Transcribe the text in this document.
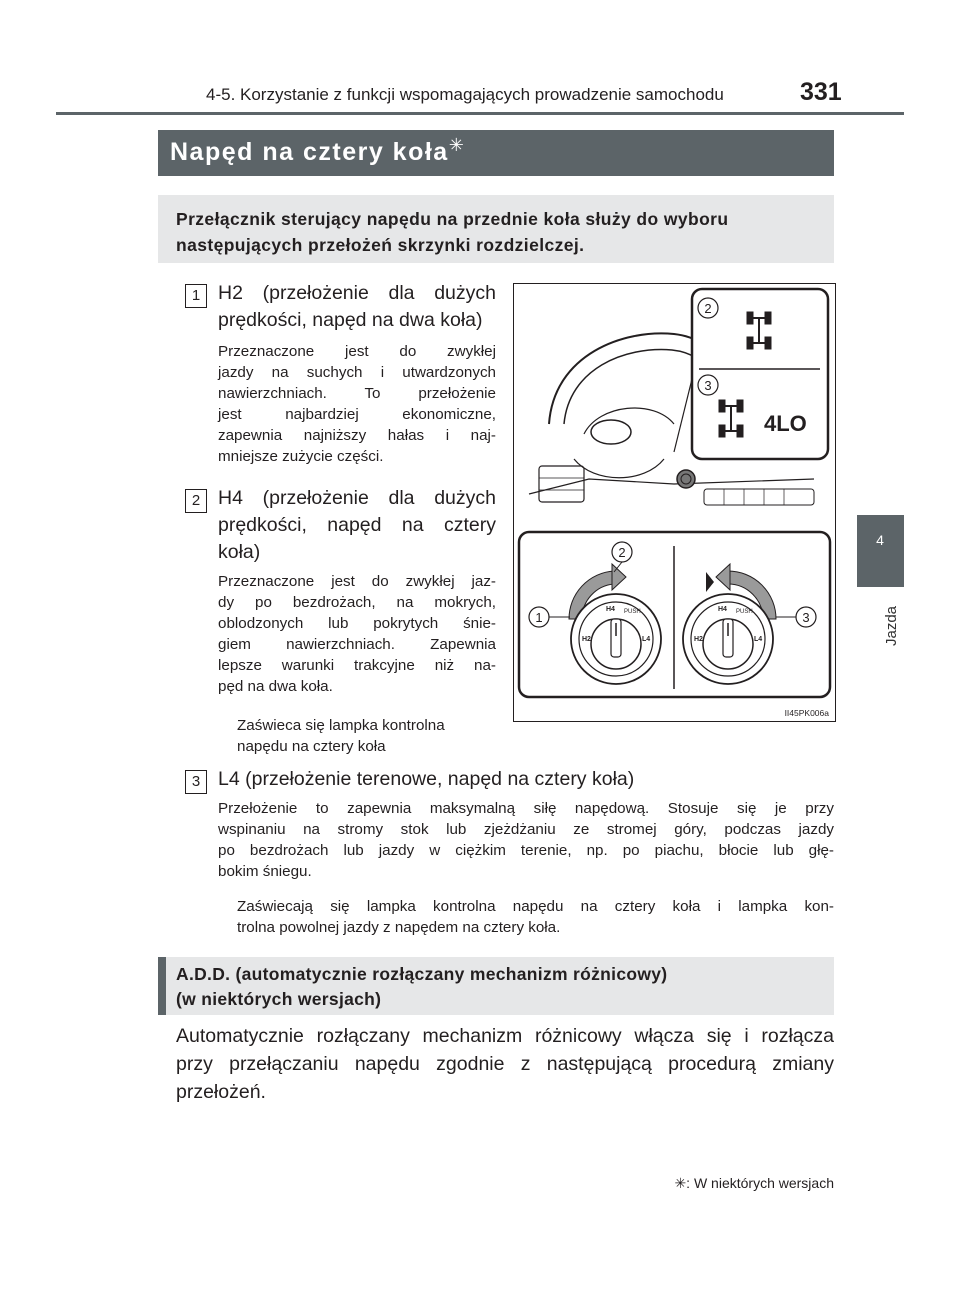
4-5. Korzystanie z funkcji wspomagających prowadzenie samochodu	331
4
Jazda
Napęd na cztery koła✳
Przełącznik sterujący napędu na przednie koła służy do wyboru następujących przełożeń skrzynki rozdzielczej.
1 H2 (przełożenie dla dużych
prędkości, napęd na dwa koła)
Przeznaczone jest do zwykłej
jazdy na suchych i utwardzonych
nawierzchniach. To przełożenie
jest najbardziej ekonomiczne,
zapewnia najniższy hałas i naj-
mniejsze zużycie części.
2 H4 (przełożenie dla dużych
prędkości, napęd na cztery
koła)
Przeznaczone jest do zwykłej jaz-
dy po bezdrożach, na mokrych,
oblodzonych lub pokrytych śnie-
giem nawierzchniach. Zapewnia
lepsze warunki trakcyjne niż na-
pęd na dwa koła.
Zaświeca się lampka kontrolna
napędu na cztery koła
2
3
4LO
H4 PUSH
H2	L4
H4 PUSH
H2	L4
2
1	3
II45PK006a
3 L4 (przełożenie terenowe, napęd na cztery koła)
Przełożenie to zapewnia maksymalną siłę napędową. Stosuje się je przy
wspinaniu na stromy stok lub zjeżdżaniu ze stromej góry, podczas jazdy
po bezdrożach lub jazdy w ciężkim terenie, np. po piachu, błocie lub głę-
bokim śniegu.
Zaświecają się lampka kontrolna napędu na cztery koła i lampka kon-
trolna powolnej jazdy z napędem na cztery koła.
A.D.D. (automatycznie rozłączany mechanizm różnicowy)
(w niektórych wersjach)
Automatycznie rozłączany mechanizm różnicowy włącza się i rozłącza
przy przełączaniu napędu zgodnie z następującą procedurą zmiany
przełożeń.
✳: W niektórych wersjach
